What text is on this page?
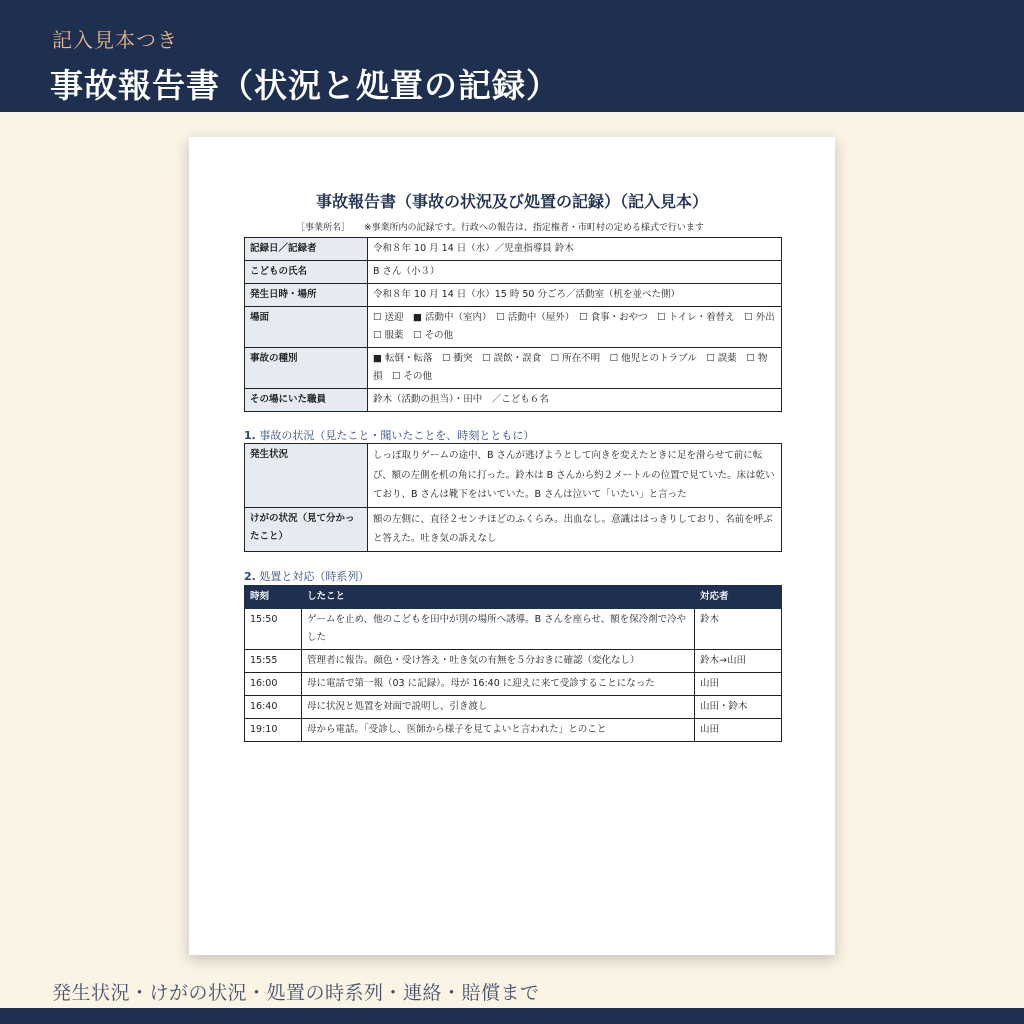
記入見本つき
事故報告書（状況と処置の記録）
事故報告書（事故の状況及び処置の記録）（記入見本）
［事業所名］ ※事業所内の記録です。行政への報告は、指定権者・市町村の定める様式で行います
記録日／記録者	令和８年 10 月 14 日（水）／児童指導員 鈴木
こどもの氏名	B さん（小３）
発生日時・場所	令和８年 10 月 14 日（水）15 時 50 分ごろ／活動室（机を並べた側）
場面	☐ 送迎　■ 活動中（室内）　☐ 活動中（屋外）　☐ 食事・おやつ　☐ トイレ・着替え　☐ 外出　☐ 服薬　☐ その他
事故の種別	■ 転倒・転落　☐ 衝突　☐ 誤飲・誤食　☐ 所在不明　☐ 他児とのトラブル　☐ 誤薬　☐ 物損　☐ その他
その場にいた職員	鈴木（活動の担当）・田中　／こども６名
1. 事故の状況（見たこと・聞いたことを、時刻とともに）
発生状況	しっぽ取りゲームの途中、B さんが逃げようとして向きを変えたときに足を滑らせて前に転び、額の左側を机の角に打った。鈴木は B さんから約２メートルの位置で見ていた。床は乾いており、B さんは靴下をはいていた。B さんは泣いて「いたい」と言った
けがの状況（見て分かったこと）	額の左側に、直径２センチほどのふくらみ。出血なし。意識ははっきりしており、名前を呼ぶと答えた。吐き気の訴えなし
2. 処置と対応（時系列）
時刻	したこと	対応者
15:50	ゲームを止め、他のこどもを田中が別の場所へ誘導。B さんを座らせ、額を保冷剤で冷やした	鈴木
15:55	管理者に報告。顔色・受け答え・吐き気の有無を５分おきに確認（変化なし）	鈴木→山田
16:00	母に電話で第一報（03 に記録）。母が 16:40 に迎えに来て受診することになった	山田
16:40	母に状況と処置を対面で説明し、引き渡し	山田・鈴木
19:10	母から電話。「受診し、医師から様子を見てよいと言われた」とのこと	山田
発生状況・けがの状況・処置の時系列・連絡・賠償まで
